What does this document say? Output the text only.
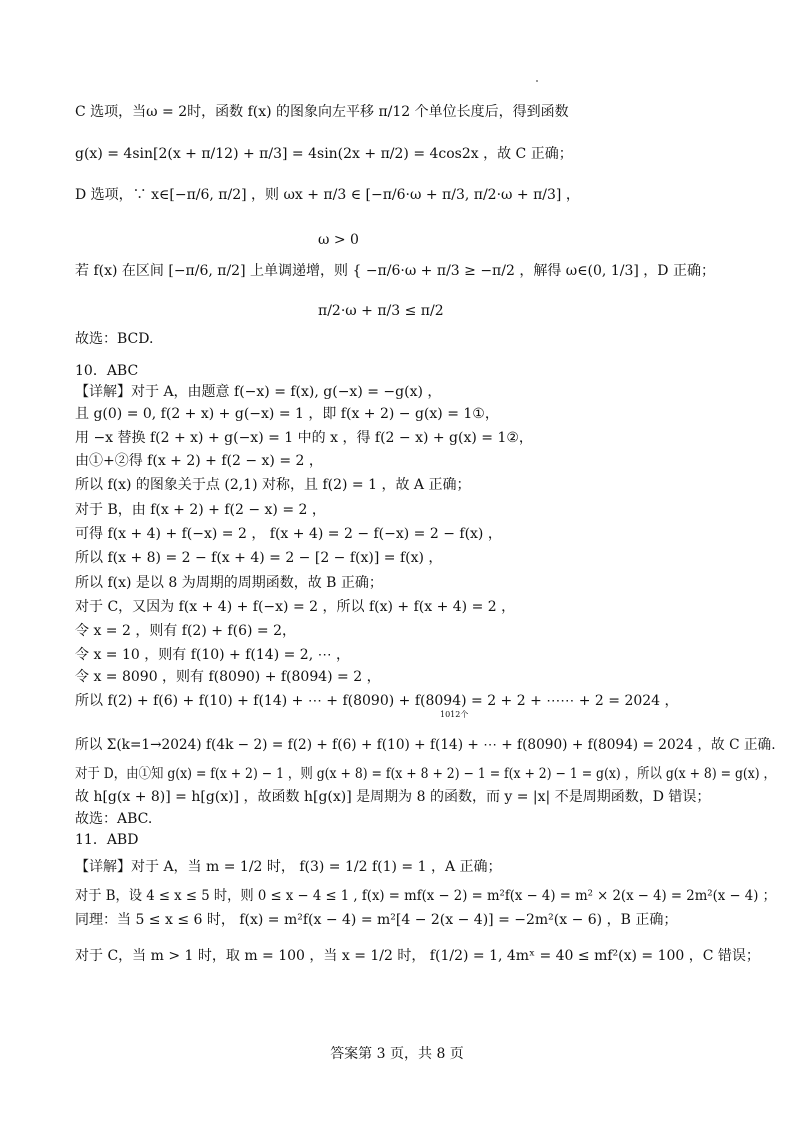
C 选项，当ω = 2时，函数 f(x) 的图象向左平移 π/12 个单位长度后，得到函数
g(x) = 4sin[2(x + π/12) + π/3] = 4sin(2x + π/2) = 4cos2x ，故 C 正确；
D 选项，∵ x∈[−π/6, π/2] ，则 ωx + π/3 ∈ [−π/6·ω + π/3, π/2·ω + π/3] ，
ω > 0
若 f(x) 在区间 [−π/6, π/2] 上单调递增，则 { −π/6·ω + π/3 ≥ −π/2 ，解得 ω∈(0, 1/3] ，D 正确；
π/2·ω + π/3 ≤ π/2
故选：BCD.
10．ABC
【详解】对于 A，由题意 f(−x) = f(x), g(−x) = −g(x) ，
且 g(0) = 0, f(2 + x) + g(−x) = 1 ，即 f(x + 2) − g(x) = 1①，
用 −x 替换 f(2 + x) + g(−x) = 1 中的 x ，得 f(2 − x) + g(x) = 1②，
由①+②得 f(x + 2) + f(2 − x) = 2 ，
所以 f(x) 的图象关于点 (2,1) 对称，且 f(2) = 1 ，故 A 正确；
对于 B，由 f(x + 2) + f(2 − x) = 2 ，
可得 f(x + 4) + f(−x) = 2 ， f(x + 4) = 2 − f(−x) = 2 − f(x) ，
所以 f(x + 8) = 2 − f(x + 4) = 2 − [2 − f(x)] = f(x) ，
所以 f(x) 是以 8 为周期的周期函数，故 B 正确；
对于 C，又因为 f(x + 4) + f(−x) = 2 ，所以 f(x) + f(x + 4) = 2 ，
令 x = 2 ，则有 f(2) + f(6) = 2，
令 x = 10 ，则有 f(10) + f(14) = 2, ⋯ ，
令 x = 8090 ，则有 f(8090) + f(8094) = 2 ，
所以 f(2) + f(6) + f(10) + f(14) + ⋯ + f(8090) + f(8094) = 2 + 2 + ⋯⋯ + 2 = 2024 ，
1012个
所以 Σ(k=1→2024) f(4k − 2) = f(2) + f(6) + f(10) + f(14) + ⋯ + f(8090) + f(8094) = 2024 ，故 C 正确.
对于 D，由①知 g(x) = f(x + 2) − 1 ，则 g(x + 8) = f(x + 8 + 2) − 1 = f(x + 2) − 1 = g(x) ，所以 g(x + 8) = g(x) ，
故 h[g(x + 8)] = h[g(x)] ，故函数 h[g(x)] 是周期为 8 的函数，而 y = |x| 不是周期函数，D 错误；
故选：ABC.
11．ABD
【详解】对于 A，当 m = 1/2 时， f(3) = 1/2 f(1) = 1 ，A 正确；
对于 B，设 4 ≤ x ≤ 5 时，则 0 ≤ x − 4 ≤ 1 , f(x) = mf(x − 2) = m²f(x − 4) = m² × 2(x − 4) = 2m²(x − 4) ；
同理：当 5 ≤ x ≤ 6 时， f(x) = m²f(x − 4) = m²[4 − 2(x − 4)] = −2m²(x − 6) ，B 正确；
对于 C，当 m > 1 时，取 m = 100 ，当 x = 1/2 时， f(1/2) = 1, 4mˣ = 40 ≤ mf²(x) = 100 ，C 错误；
答案第 3 页，共 8 页
